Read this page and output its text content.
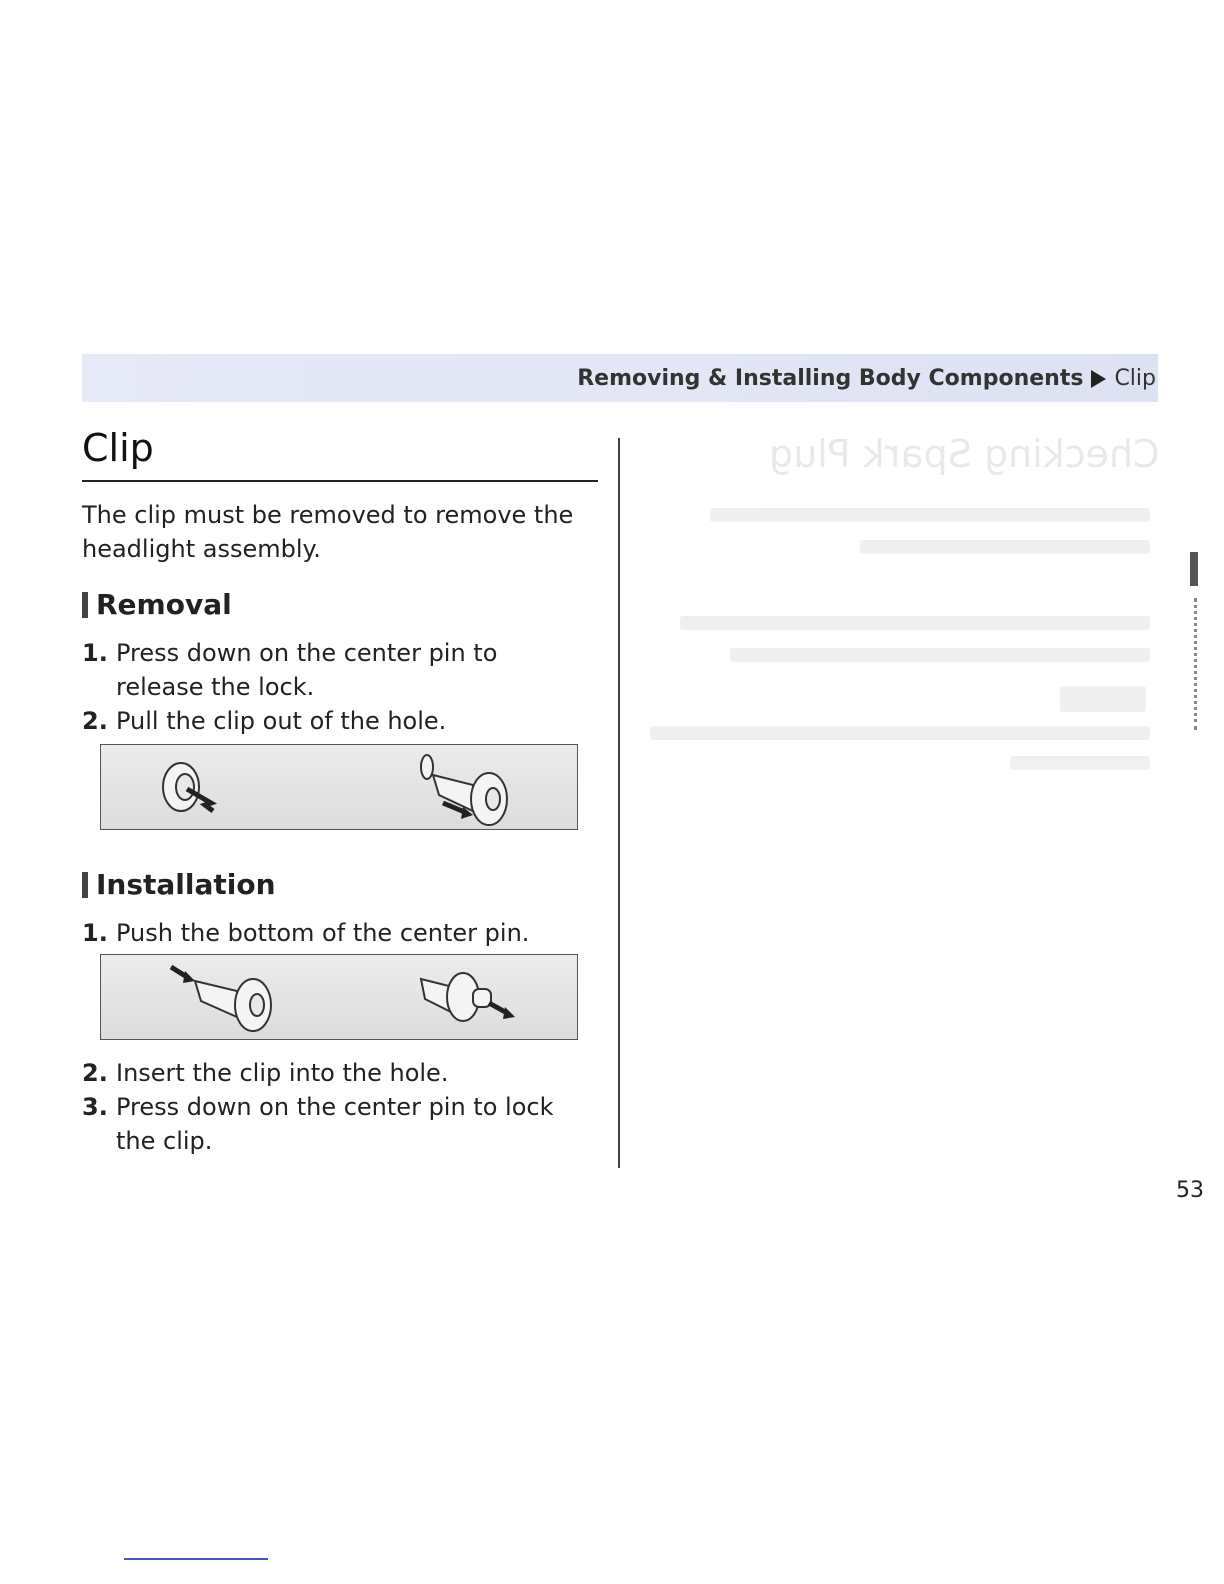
Removing & Installing Body Components Clip
Checking Spark Plug
Clip

The clip must be removed to remove the headlight assembly.

Removal
1. Press down on the center pin to release the lock.
2. Pull the clip out of the hole.
Installation
1. Push the bottom of the center pin.
2. Insert the clip into the hole.
3. Press down on the center pin to lock the clip.
53
